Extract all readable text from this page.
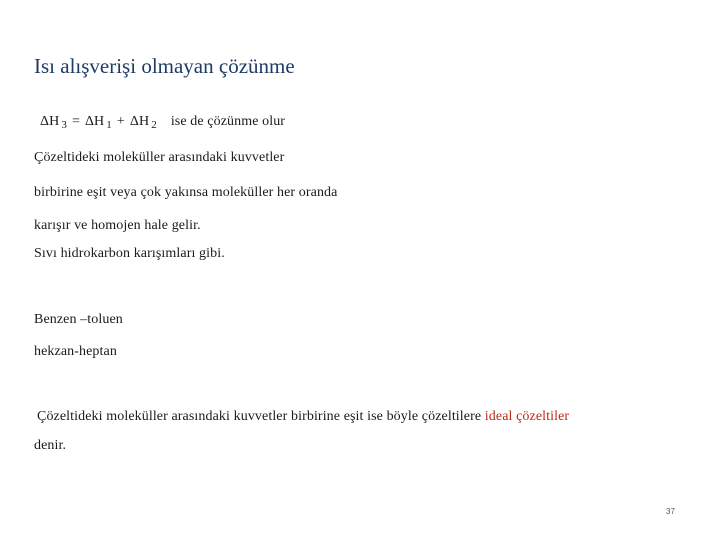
Isı alışverişi olmayan çözünme
ΔH $_3$ = ΔH $_1$ + ΔH $_2$ ise de çözünme olur
Çözeltideki moleküller arasındaki kuvvetler
birbirine eşit veya çok yakınsa moleküller her oranda
karışır ve homojen hale gelir.
Sıvı hidrokarbon karışımları gibi.
Benzen –toluen
hekzan-heptan
Çözeltideki moleküller arasındaki kuvvetler birbirine eşit ise böyle çözeltilere ideal çözeltiler
denir.
37
